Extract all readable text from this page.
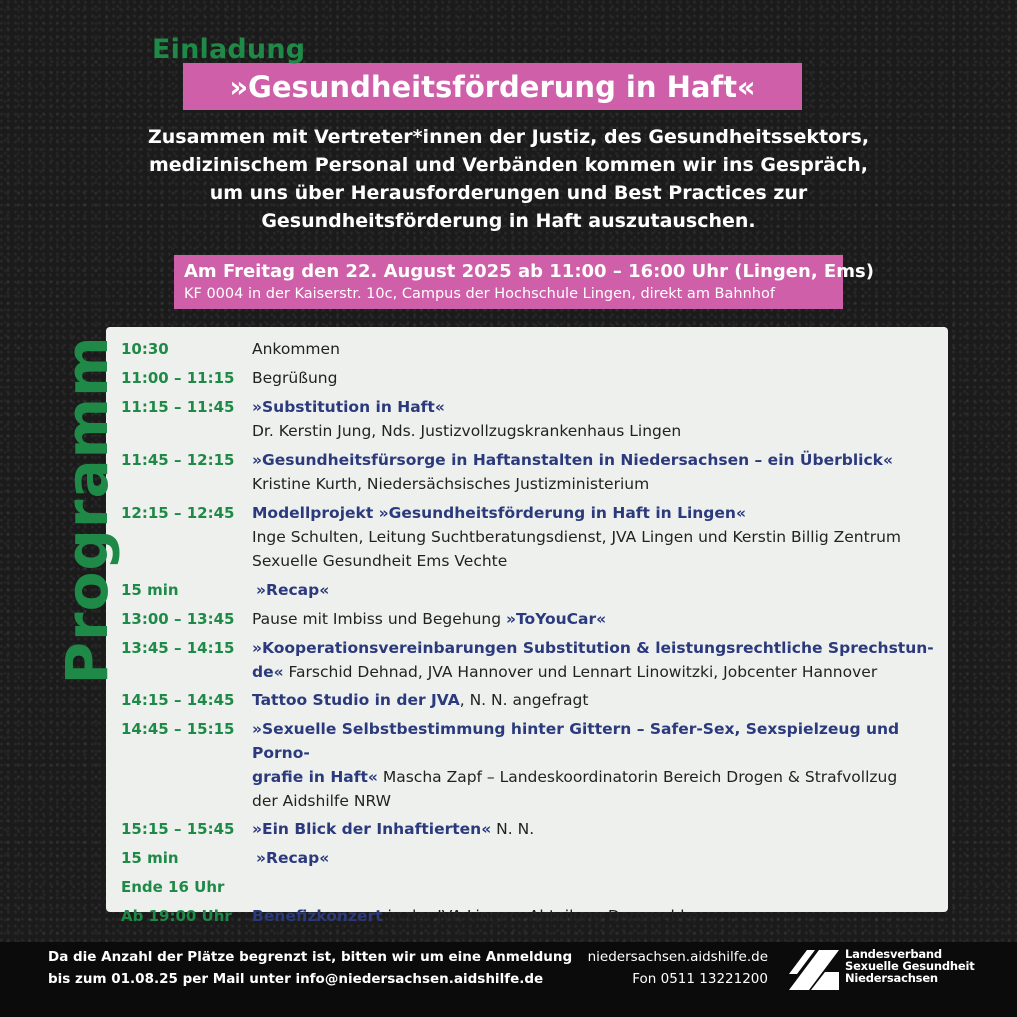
Einladung
»Gesundheitsförderung in Haft«
Zusammen mit Vertreter*innen der Justiz, des Gesundheitssektors,
medizinischem Personal und Verbänden kommen wir ins Gespräch,
um uns über Herausforderungen und Best Practices zur
Gesundheitsförderung in Haft auszutauschen.
Am Freitag den 22. August 2025 ab 11:00 – 16:00 Uhr (Lingen, Ems)
KF 0004 in der Kaiserstr. 10c, Campus der Hochschule Lingen, direkt am Bahnhof
Programm 10:30	Ankommen
11:00 – 11:15	Begrüßung
11:15 – 11:45	»Substitution in Haft«
Dr. Kerstin Jung, Nds. Justizvollzugskrankenhaus Lingen
11:45 – 12:15	»Gesundheitsfürsorge in Haftanstalten in Niedersachsen – ein Überblick«
Kristine Kurth, Niedersächsisches Justizministerium
12:15 – 12:45	Modellprojekt »Gesundheitsförderung in Haft in Lingen«
Inge Schulten, Leitung Suchtberatungsdienst, JVA Lingen und Kerstin Billig Zentrum
Sexuelle Gesundheit Ems Vechte
15 min	»Recap«
13:00 – 13:45	Pause mit Imbiss und Begehung »ToYouCar«
13:45 – 14:15	»Kooperationsvereinbarungen Substitution & leistungsrechtliche Sprechstun-
de« Farschid Dehnad, JVA Hannover und Lennart Linowitzki, Jobcenter Hannover
14:15 – 14:45	Tattoo Studio in der JVA, N. N. angefragt
14:45 – 15:15	»Sexuelle Selbstbestimmung hinter Gittern – Safer-Sex, Sexspielzeug und Porno-
grafie in Haft« Mascha Zapf – Landeskoordinatorin Bereich Drogen & Strafvollzug
der Aidshilfe NRW
15:15 – 15:45	»Ein Blick der Inhaftierten« N. N.
15 min	»Recap«
Ende 16 Uhr
Ab 19:00 Uhr	Benefizkonzert in der JVA Lingen, Abteilung Damaschke
Da die Anzahl der Plätze begrenzt ist, bitten wir um eine Anmeldung
bis zum 01.08.25 per Mail unter info@niedersachsen.aidshilfe.de
niedersachsen.aidshilfe.de
Fon 0511 13221200
Landesverband
Sexuelle Gesundheit
Niedersachsen
